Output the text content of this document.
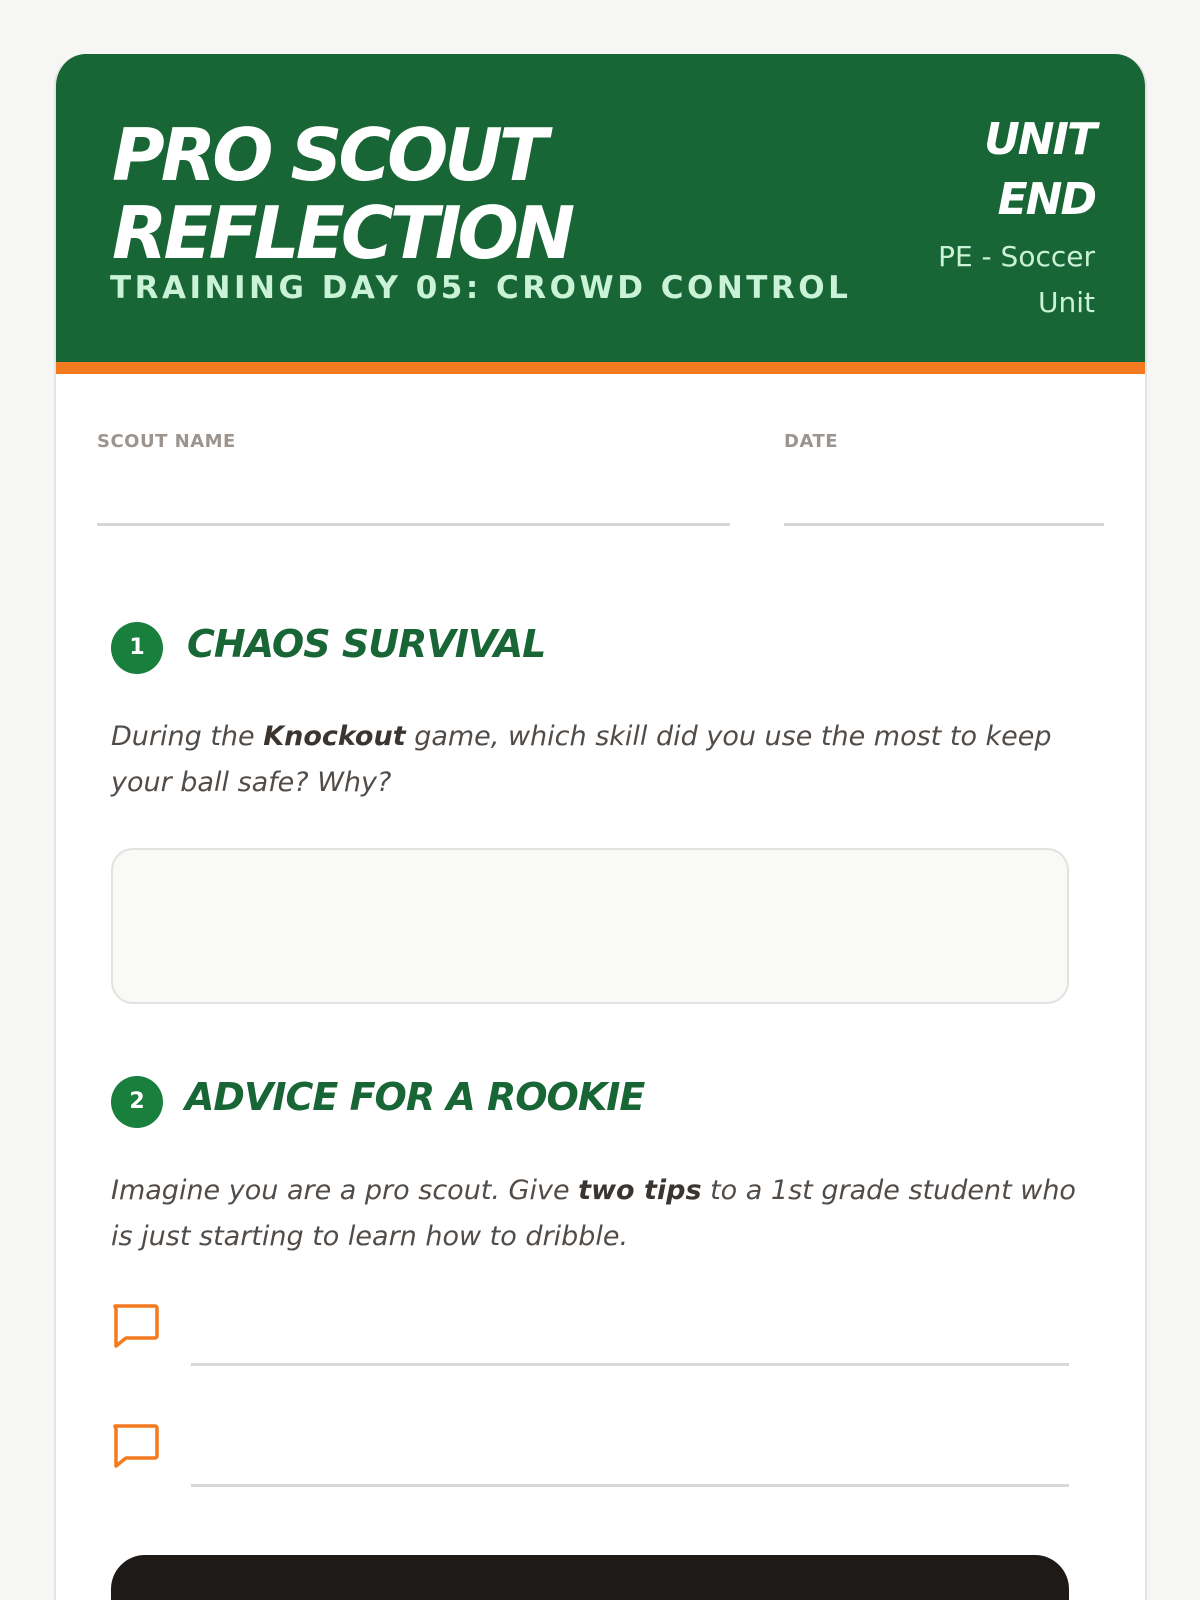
PRO SCOUT
REFLECTION
TRAINING DAY 05: CROWD CONTROL
UNIT
END
PE - Soccer
Unit
SCOUT NAME	DATE
1	CHAOS SURVIVAL

During the Knockout game, which skill did you use the most to keep your ball safe? Why?

2	ADVICE FOR A ROOKIE

Imagine you are a pro scout. Give two tips to a 1st grade student who is just starting to learn how to dribble.
